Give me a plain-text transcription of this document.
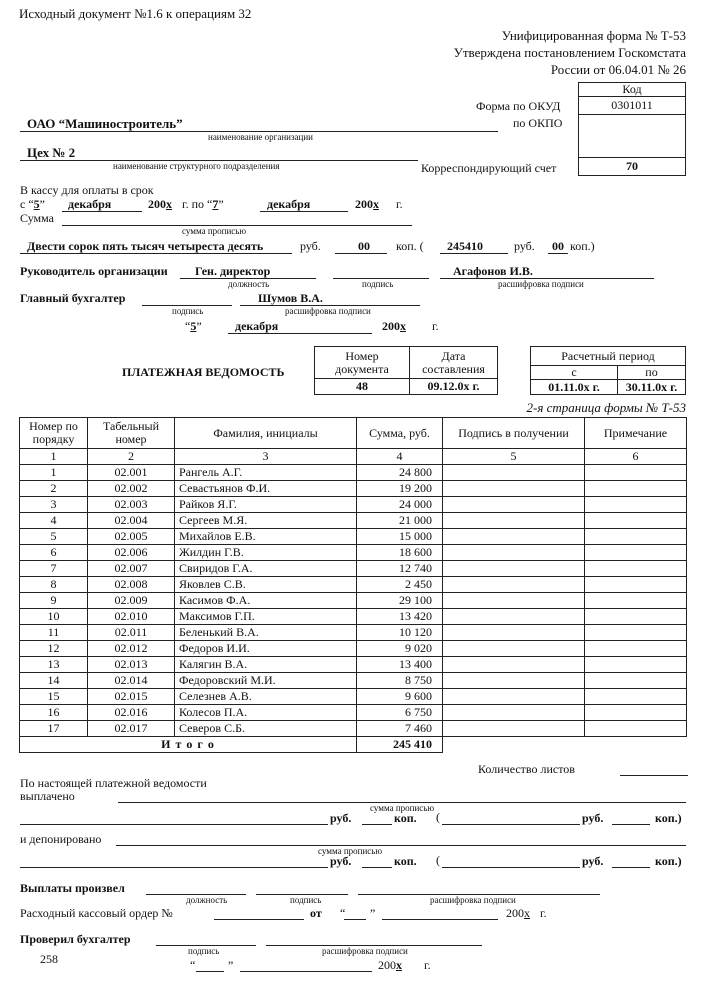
Исходный документ №1.6 к операциям 32
Унифицированная форма № Т-53
Утверждена постановлением Госкомстата
России от 06.04.01 № 26
Код
0301011
70
Форма по ОКУД
по ОКПО
Корреспондирующий счет
ОАО “Машиностроитель”
наименование организации
Цех № 2
наименование структурного подразделения
В кассу для оплаты в срок
с “5” декабря	200х г. по “7”	декабря	200х г.
Сумма
сумма прописью
Двести сорок пять тысяч четыреста десять	руб.	00 коп. ( 245410	руб. 00 коп.)
Руководитель организации Ген. директор	Агафонов И.В.
должность	подпись	расшифровка подписи
Главный бухгалтер	Шумов В.А.
подпись	расшифровка подписи
“5”	декабря	200х г.
ПЛАТЕЖНАЯ ВЕДОМОСТЬ
Номер документа
Дата составления
48	09.12.0х г.
Расчетный период
с	по
01.11.0х г. 30.11.0х г.
2-я страница формы № Т-53
Номер по порядку	Табельный номер	Фамилия, инициалы	Сумма, руб.	Подпись в получении	Примечание
1	2	3	4	5	6
1	02.001	Рангель А.Г.	24 800		
2	02.002	Севастьянов Ф.И.	19 200		
3	02.003	Райков Я.Г.	24 000		
4	02.004	Сергеев М.Я.	21 000		
5	02.005	Михайлов Е.В.	15 000		
6	02.006	Жилдин Г.В.	18 600		
7	02.007	Свиридов Г.А.	12 740		
8	02.008	Яковлев С.В.	2 450		
9	02.009	Касимов Ф.А.	29 100		
10	02.010	Максимов Г.П.	13 420		
11	02.011	Беленький В.А.	10 120		
12	02.012	Федоров И.И.	9 020		
13	02.013	Калягин В.А.	13 400		
14	02.014	Федоровский М.И.	8 750		
15	02.015	Селезнев А.В.	9 600		
16	02.016	Колесов П.А.	6 750		
17	02.017	Северов С.Б.	7 460		
И т о г о			245 410		
Количество листов
По настоящей платежной ведомости
выплачено
сумма прописью
руб.	коп. (	руб.	коп.)
и депонировано
сумма прописью
руб.	коп. (	руб.	коп.)
Выплаты произвел
должность	подпись	расшифровка подписи
Расходный кассовый ордер №	от “ ”	200х г.
Проверил бухгалтер
258
подпись	расшифровка подписи
“	”	200х г.
